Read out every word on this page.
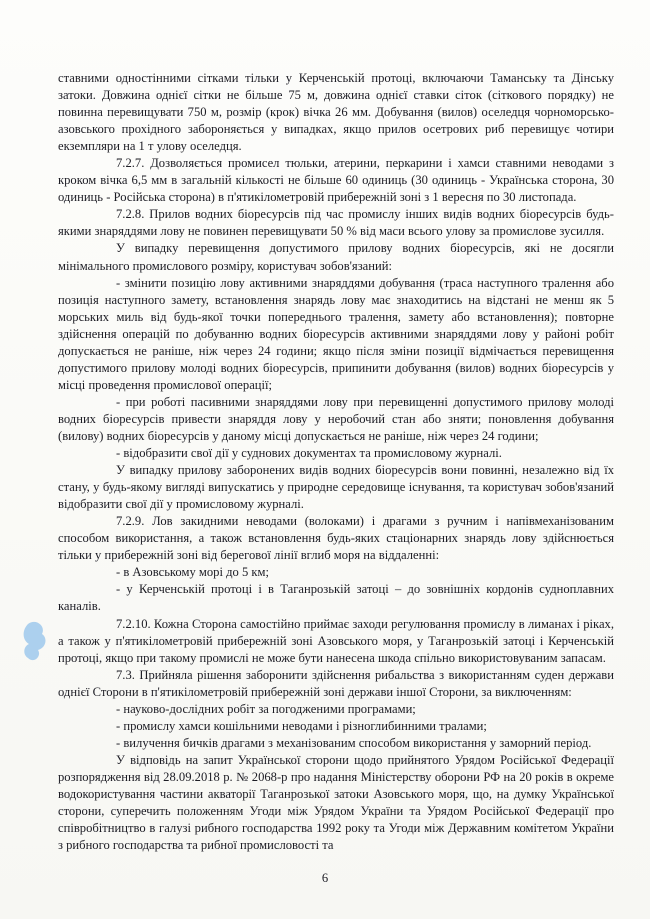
ставними одностінними сітками тільки у Керченській протоці, включаючи Таманську та Дінську затоки. Довжина однієї сітки не більше 75 м, довжина однієї ставки сіток (сіткового порядку) не повинна перевищувати 750 м, розмір (крок) вічка 26 мм. Добування (вилов) оселедця чорноморсько-азовського прохідного забороняється у випадках, якщо прилов осетрових риб перевищує чотири екземпляри на 1 т улову оселедця.

7.2.7. Дозволяється промисел тюльки, атерини, перкарини і хамси ставними неводами з кроком вічка 6,5 мм в загальній кількості не більше 60 одиниць (30 одиниць - Українська сторона, 30 одиниць - Російська сторона) в п'ятикілометровій прибережній зоні з 1 вересня по 30 листопада.

7.2.8. Прилов водних біоресурсів під час промислу інших видів водних біоресурсів будь-якими знаряддями лову не повинен перевищувати 50 % від маси всього улову за промислове зусилля.

У випадку перевищення допустимого прилову водних біоресурсів, які не досягли мінімального промислового розміру, користувач зобов'язаний:

- змінити позицію лову активними знаряддями добування (траса наступного тралення або позиція наступного замету, встановлення знарядь лову має знаходитись на відстані не менш як 5 морських миль від будь-якої точки попереднього тралення, замету або встановлення); повторне здійснення операцій по добуванню водних біоресурсів активними знаряддями лову у районі робіт допускається не раніше, ніж через 24 години; якщо після зміни позиції відмічається перевищення допустимого прилову молоді водних біоресурсів, припинити добування (вилов) водних біоресурсів у місці проведення промислової операції;

- при роботі пасивними знаряддями лову при перевищенні допустимого прилову молоді водних біоресурсів привести знаряддя лову у неробочий стан або зняти; поновлення добування (вилову) водних біоресурсів у даному місці допускається не раніше, ніж через 24 години;

- відобразити свої дії у суднових документах та промисловому журналі.

У випадку прилову заборонених видів водних біоресурсів вони повинні, незалежно від їх стану, у будь-якому вигляді випускатись у природне середовище існування, та користувач зобов'язаний відобразити свої дії у промисловому журналі.

7.2.9. Лов закидними неводами (волоками) і драгами з ручним і напівмеханізованим способом використання, а також встановлення будь-яких стаціонарних знарядь лову здійснюється тільки у прибережній зоні від берегової лінії вглиб моря на віддаленні:

- в Азовському морі до 5 км;

- у Керченській протоці і в Таганрозькій затоці – до зовнішніх кордонів судноплавних каналів.

7.2.10. Кожна Сторона самостійно приймає заходи регулювання промислу в лиманах і ріках, а також у п'ятикілометровій прибережній зоні Азовського моря, у Таганрозькій затоці і Керченській протоці, якщо при такому промислі не може бути нанесена шкода спільно використовуваним запасам.

7.3. Прийняла рішення заборонити здійснення рибальства з використанням суден держави однієї Сторони в п'ятикілометровій прибережній зоні держави іншої Сторони, за виключенням:

- науково-дослідних робіт за погодженими програмами;

- промислу хамси кошільними неводами і різноглибинними тралами;

- вилучення бичків драгами з механізованим способом використання у заморний період.

У відповідь на запит Української сторони щодо прийнятого Урядом Російської Федерації розпорядження від 28.09.2018 р. № 2068-р про надання Міністерству оборони РФ на 20 років в окреме водокористування частини акваторії Таганрозької затоки Азовського моря, що, на думку Української сторони, суперечить положенням Угоди між Урядом України та Урядом Російської Федерації про співробітництво в галузі рибного господарства 1992 року та Угоди між Державним комітетом України з рибного господарства та рибної промисловості та

6
